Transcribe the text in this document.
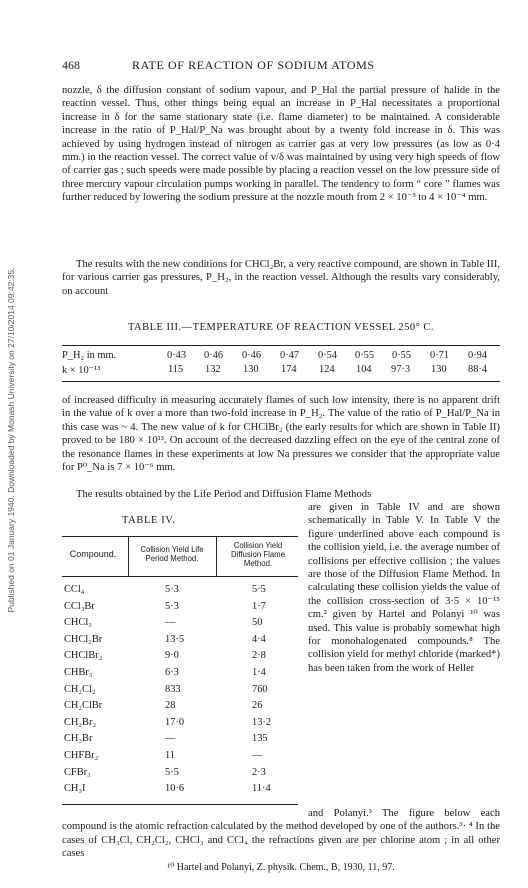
Published on 01 January 1940. Downloaded by Monash University on 27/10/2014 09:42:35.
468	RATE OF REACTION OF SODIUM ATOMS

nozzle, δ the diffusion constant of sodium vapour, and P_Hal the partial pressure of halide in the reaction vessel. Thus, other things being equal an increase in P_Hal necessitates a proportional increase in δ for the same stationary state (i.e. flame diameter) to be maintained. A considerable increase in the ratio of P_Hal/P_Na was brought about by a twenty fold increase in δ. This was achieved by using hydrogen instead of nitrogen as carrier gas at very low pressures (as low as 0·4 mm.) in the reaction vessel. The correct value of v/δ was maintained by using very high speeds of flow of carrier gas ; such speeds were made possible by placing a reaction vessel on the low pressure side of three mercury vapour circulation pumps working in parallel. The tendency to form “ core ” flames was further reduced by lowering the sodium pressure at the nozzle mouth from 2 × 10⁻³ to 4 × 10⁻⁴ mm.

The results with the new conditions for CHCl₂Br, a very reactive compound, are shown in Table III, for various carrier gas pressures, P_H₂, in the reaction vessel. Although the results vary considerably, on account

TABLE III.—TEMPERATURE OF REACTION VESSEL 250° C.
P_H₂ in mm.	0·43 0·46 0·46 0·47 0·54 0·55 0·55 0·71 0·94
k × 10⁻¹³	115 132 130 174 124 104 97·3 130 88·4

of increased difficulty in measuring accurately flames of such low intensity, there is no apparent drift in the value of k over a more than two-fold increase in P_H₂. The value of the ratio of P_Hal/P_Na in this case was ~ 4. The new value of k for CHClBr₂ (the early results for which are shown in Table II) proved to be 180 × 10¹³. On account of the decreased dazzling effect on the eye of the central zone of the resonance flames in these experiments at low Na pressures we consider that the appropriate value for P⁰_Na is 7 × 10⁻⁶ mm.

The results obtained by the Life Period and Diffusion Flame Methods

TABLE IV.
Compound.	Collision Yield Life Period Method.
Collision Yield Diffusion Flame Method.
CCl₄	5·3	5·5
CCl₃Br	5·3	1·7
CHCl₃	—	50
CHCl₂Br	13·5	4·4
CHClBr₂	9·0	2·8
CHBr₃	6·3	1·4
CH₂Cl₂	833	760
CH₂ClBr	28	26
CH₂Br₂	17·0	13·2
CH₃Br	—	135
CHFBr₂	11	—
CFBr₃	5·5	2·3
CH₃I	10·6	11·4

are given in Table IV and are shown schematically in Table V. In Table V the figure underlined above each compound is the collision yield, i.e. the average number of collisions per effective collision ; the values are those of the Diffusion Flame Method. In calculating these collision yields the value of the collision cross-section of 3·5 × 10⁻¹⁵ cm.² given by Hartel and Polanyi ¹⁰ was used. This value is probably somewhat high for monohalogenated compounds.⁸ The collision yield for methyl chloride (marked*) has been taken from the work of Heller

and Polanyi.³ The figure below each compound is the atomic refraction calculated by the method developed by one of the authors.³· ⁴ In the cases of CH₃Cl, CH₂Cl₂, CHCl₃ and CCl₄ the refractions given are per chlorine atom ; in all other cases

¹⁰ Hartel and Polanyi, Z. physik. Chem., B, 1930, 11, 97.
